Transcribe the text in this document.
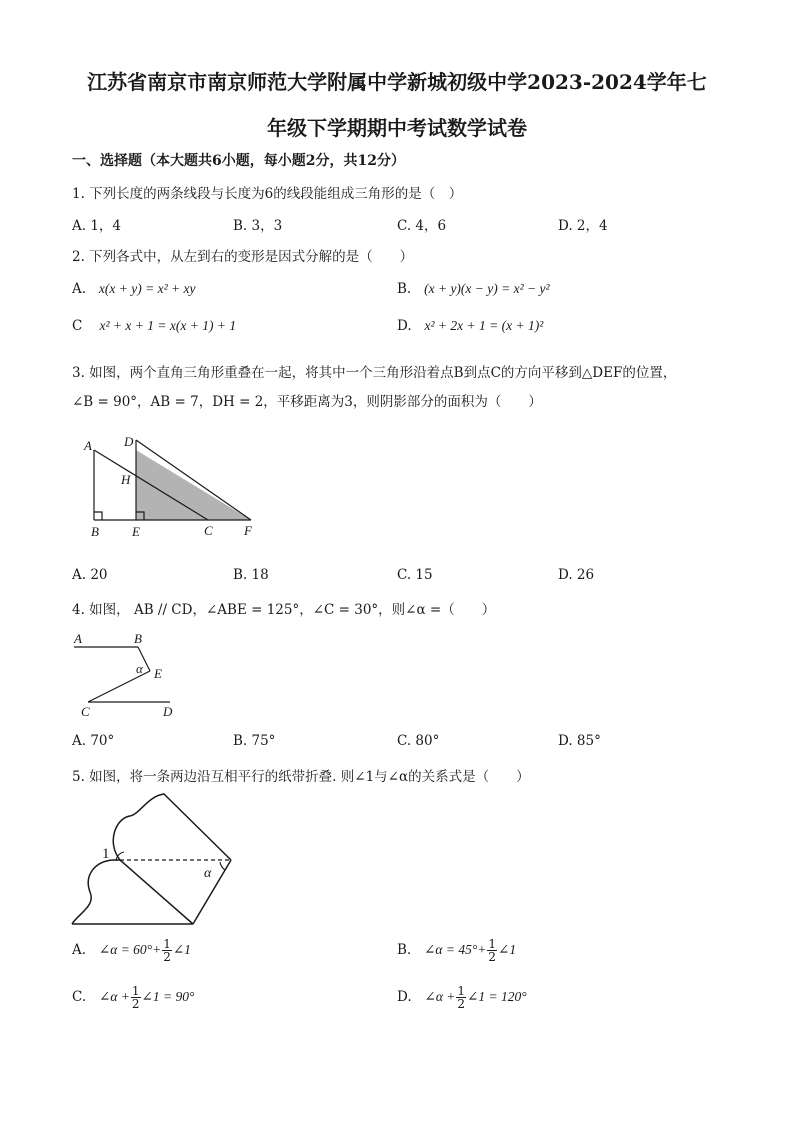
江苏省南京市南京师范大学附属中学新城初级中学2023-2024学年七
年级下学期期中考试数学试卷
一、选择题（本大题共6小题，每小题2分，共12分）
1. 下列长度的两条线段与长度为6的线段能组成三角形的是（　）
A. 1，4	B. 3，3	C. 4，6	D. 2，4
2. 下列各式中，从左到右的变形是因式分解的是（　　）
A. x(x + y) = x² + xy	B. (x + y)(x − y) = x² − y²
C x² + x + 1 = x(x + 1) + 1	D. x² + 2x + 1 = (x + 1)²
3. 如图，两个直角三角形重叠在一起，将其中一个三角形沿着点B到点C的方向平移到△DEF的位置，
∠B = 90°，AB = 7，DH = 2，平移距离为3，则阴影部分的面积为（　　）
A D
H
B	E	C F
A. 20	B. 18	C. 15	D. 26
4. 如图， AB // CD，∠ABE = 125°，∠C = 30°，则∠α =（　　）
A	B
α E
C	D
A. 70°	B. 75°	C. 80°	D. 85°
5. 如图，将一条两边沿互相平行的纸带折叠. 则∠1与∠α的关系式是（　　）
1
α
A. ∠α = $60^\circ+ \frac{1}{2}$ ∠1	B. ∠α = $45^\circ+ \frac{1}{2}$ ∠1
C. ∠α + $\frac{1}{2}$ ∠1 = 90°	D. ∠α + $\frac{1}{2}$ ∠1 = 120°
